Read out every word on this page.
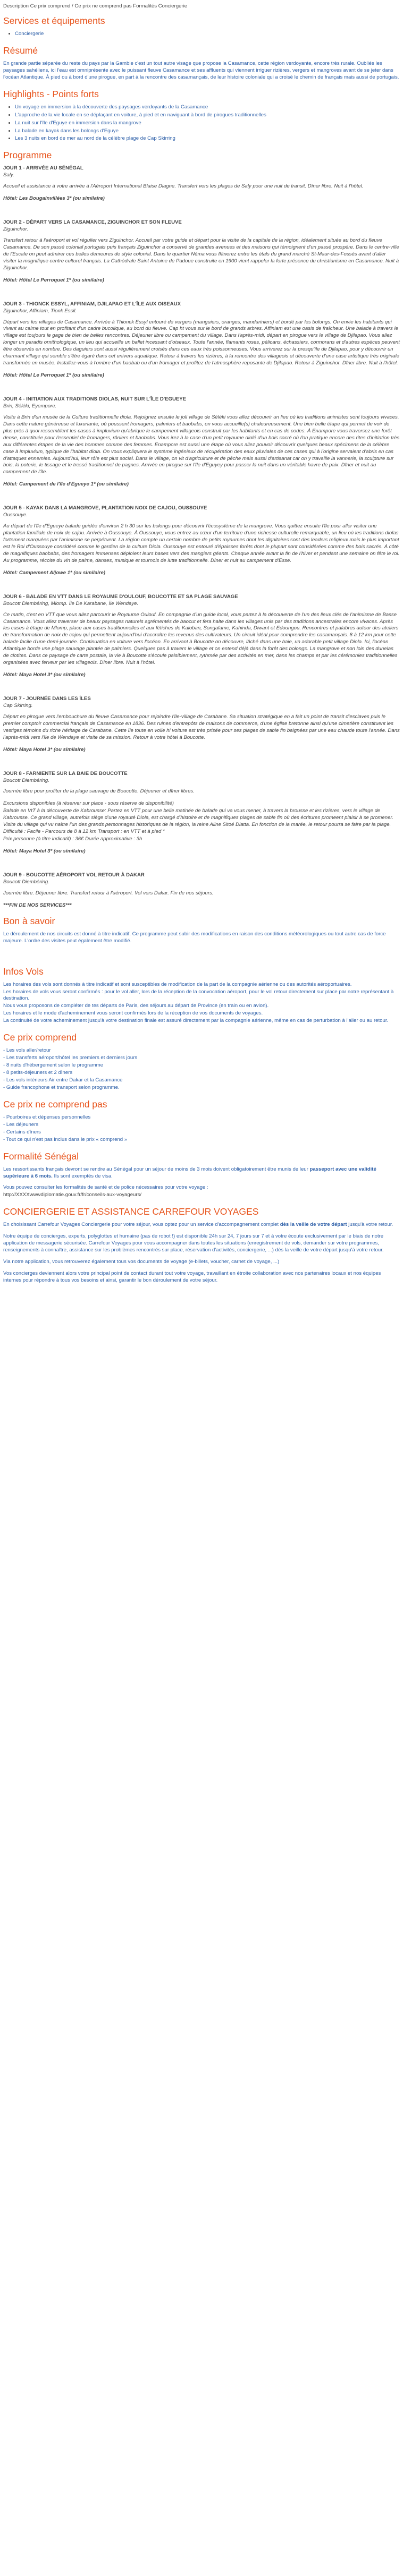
Description Ce prix comprend / Ce prix ne comprend pas Formalités Conciergerie

Services et équipements
• Conciergerie
Résumé

En grande partie séparée du reste du pays par la Gambie c'est un tout autre visage que propose la Casamance, cette région verdoyante, encore très rurale. Oubliés les paysages sahéliens, ici l'eau est omniprésente avec le puissant fleuve Casamance et ses affluents qui viennent irriguer rizières, vergers et mangroves avant de se jeter dans l'océan Atlantique. À pied ou à bord d'une pirogue, en part à la rencontre des casamançais, de leur histoire coloniale qui a croisé le chemin de français mais aussi de portugais.

Highlights - Points forts
• Un voyage en immersion à la découverte des paysages verdoyants de la Casamance
• L'approche de la vie locale en se déplaçant en voiture, à pied et en naviguant à bord de pirogues traditionnelles
• La nuit sur l'île d'Eguye en immersion dans la mangrove
• La balade en kayak dans les bolongs d'Eguye
• Les 3 nuits en bord de mer au nord de la célèbre plage de Cap Skirring
Programme

JOUR 1 - ARRIVÉE AU SÉNÉGAL

Saly.

Accueil et assistance à votre arrivée à l'Aéroport International Blaise Diagne. Transfert vers les plages de Saly pour une nuit de transit. Dîner libre. Nuit à l'hôtel.

Hôtel: Les Bougainvillées 3* (ou similaire)

JOUR 2 - DÉPART VERS LA CASAMANCE, ZIGUINCHOR ET SON FLEUVE

Ziguinchor.

Transfert retour à l'aéroport et vol régulier vers Ziguinchor. Accueil par votre guide et départ pour la visite de la capitale de la région, idéalement située au bord du fleuve Casamance. De son passé colonial portugais puis français Ziguinchor a conservé de grandes avenues et des maisons qui témoignent d'un passé prospère. Dans le centre-ville de l'Escale on peut admirer ces belles demeures de style colonial. Dans le quartier Néma vous flânerez entre les étals du grand marché St-Maur-des-Fossés avant d'aller visiter la magnifique centre culturel français. La Cathédrale Saint Antoine de Padoue construite en 1900 vient rappeler la forte présence du christianisme en Casamance. Nuit à Ziguinchor.

Hôtel: Hôtel Le Perroquet 1* (ou similaire)

JOUR 3 - THIONCK ESSYL, AFFINIAM, DJILAPAO ET L'ÎLE AUX OISEAUX

Ziguinchor, Affiniam, Tionk Essil.

Départ vers les villages de Casamance. Arrivée à Thionck Essyl entouré de vergers (manguiers, oranges, mandariniers) et bordé par les bolongs. On envie les habitants qui vivent au calme tout en profitant d'un cadre bucolique, au bord du fleuve. Cap ht vous sur le bord de grands arbres. Affiniam est une oasis de fraîcheur. Une balade à travers le village est toujours le gage de bien de belles rencontres. Déjeuner libre ou campement du village. Dans l'après-midi, départ en pirogue vers le village de Djilapao. Vous allez longer un paradis ornithologique, un lieu qui accueille un ballet incessant d'oiseaux. Toute l'année, flamants roses, pélicans, échassiers, cormorans et d'autres espèces peuvent être observés en nombre. Des daguiers sont aussi régulièrement croisés dans ces eaux très poissonneuses. Vous arriverez sur la presqu'île de Djilapao, pour y découvrir un charmant village qui semble s'être égaré dans cet univers aquatique. Retour à travers les rizières, à la rencontre des villageois et découverte d'une case artistique très originale transformée en musée. Installez-vous à l'ombre d'un baobab ou d'un fromager et profitez de l'atmosphère reposante de Djilapao. Retour à Ziguinchor. Dîner libre. Nuit à l'hôtel.

Hôtel: Hôtel Le Perroquet 1* (ou similaire)

JOUR 4 - INITIATION AUX TRADITIONS DIOLAS, NUIT SUR L'ÎLE D'EGUEYE

Brin, Séléki, Eyempore.

Visite à Brin d'un musée de la Culture traditionnelle diola. Rejoignez ensuite le joli village de Séléki vous allez découvrir un lieu où les traditions animistes sont toujours vivaces. Dans cette nature généreuse et luxuriante, où poussent fromagers, palmiers et baobabs, on vous accueille(s) chaleureusement. Une bien belle étape qui permet de voir de plus près à quoi ressemblent les cases à impluvium qu'abrique le campement villageois construit par les habitants et en cas de codes. À Enampore vous traversez une forêt dense, constituée pour l'essentiel de fromagers, rôniers et baobabs. Vous irez à la case d'un petit royaume diolé d'un bois sacré où l'on pratique encore des rites d'initiation très aux différentes étapes de la vie des hommes comme des femmes. Enampore est aussi une étape où vous allez pouvoir découvrir quelques beaux spécimens de la célèbre case à impluvium, typique de l'habitat diola. On vous expliquera le système ingénieux de récupération des eaux pluviales de ces cases qui à l'origine servaient d'abris en cas d'attaques ennemies. Aujourd'hui, leur rôle est plus social. Dans le village, on vit d'agriculture et de pêche mais aussi d'artisanat car on y travaille la vannerie, la sculpture sur bois, la poterie, le tissage et le tressé traditionnel de pagnes. Arrivée en pirogue sur l'île d'Eguyey pour passer la nuit dans un véritable havre de paix. Dîner et nuit au campement de l'île.

Hôtel: Campement de l'île d'Egueye 1* (ou similaire)

JOUR 5 - KAYAK DANS LA MANGROVE, PLANTATION NOIX DE CAJOU, OUSSOUYE

Oussouye.

Au départ de l'île d'Egueye balade guidée d'environ 2 h 30 sur les bolongs pour découvrir l'écosystème de la mangrove. Vous quittez ensuite l'île pour aller visiter une plantation familiale de noix de cajou. Arrivée à Oussouye. À Oussouye, vous entrez au cœur d'un territoire d'une richesse culturelle remarquable, un lieu où les traditions diolas fortement marquées par l'animisme se perpétuent. La région compte un certain nombre de petits royaumes dont les dignitaires sont des leaders religieux mais le plus important est le Roi d'Oussouye considéré comme le gardien de la culture Diola. Oussouye est entouré d'épaisses forêts dont le plupart sont considérées comme des bois sacrés. À côté de magnifiques baobabs, des fromagers immenses déploient leurs bases vers des mangiers géants. Chaque année avant la fin de l'hiver et pendant une semaine on fête le roi. Au programme, récolte du vin de palme, danses, musique et tournois de lutte traditionnelle. Dîner et nuit au campement d'Esse.

Hôtel: Campement Aljowe 1* (ou similaire)

JOUR 6 - BALADE EN VTT DANS LE ROYAUME D'OULOUF, BOUCOTTE ET SA PLAGE SAUVAGE

Boucott Diembéring, Mlomp. Île De Karabane, Île Wendaye.

Ce matin, c'est en VTT que vous allez parcourir le Royaume Oulouf. En compagnie d'un guide local, vous partez à la découverte de l'un des lieux clés de l'animisme de Basse Casamance. Vous allez traverser de beaux paysages naturels agrémentés de baocut et fera halte dans les villages unis par des traditions ancestrales encore vivaces. Après les cases à étage de Mlomp, place aux cases traditionnelles et aux fétiches de Kaloban, Songalame, Kahinda, Diwant et Edoungou. Rencontres et palabres autour des ateliers de transformation de noix de cajou qui permettent aujourd'hui d'accroître les revenus des cultivateurs. Un circuit idéal pour comprendre les casamançais. 8 à 12 km pour cette balade facile d'une demi-journée. Continuation en voiture vers l'océan. En arrivant à Boucotte on découvre, lâché dans une baie, un adorable petit village Diola. Ici, l'océan Atlantique borde une plage sauvage plantée de palmiers. Quelques pas à travers le village et on entend déjà dans la forêt des bolongs. La mangrove et non loin des dunelas de clotites. Dans ce paysage de carte postale, la vie à Boucotte s'écoule paisiblement, rythmée par des activités en mer, dans les champs et par les cérémonies traditionnelles organisées avec ferveur par les villageois. Dîner libre. Nuit à l'hôtel.

Hôtel: Maya Hotel 3* (ou similaire)

JOUR 7 - JOURNÉE DANS LES ÎLES

Cap Skirring.

Départ en pirogue vers l'embouchure du fleuve Casamance pour rejoindre l'île-village de Carabane. Sa situation stratégique en a fait un point de transit d'esclaves puis le premier comptoir commercial français de Casamance en 1836. Des ruines d'entrepôts de maisons de commerce, d'une église bretonne ainsi qu'une cimetière constituent les vestiges témoins du riche héritage de Carabane. Cette île toute en voile hi voiture est très prisée pour ses plages de sable fin baignées par une eau chaude toute l'année. Dans l'après-midi vers l'île de Wendaye et visite de sa mission. Retour à votre hôtel à Boucotte.

Hôtel: Maya Hotel 3* (ou similaire)

JOUR 8 - FARNIENTE SUR LA BAIE DE BOUCOTTE

Boucott Diembéring.

Journée libre pour profiter de la plage sauvage de Boucotte. Déjeuner et dîner libres.

Excursions disponibles (à réserver sur place - sous réserve de disponibilité)

Balade en VtT à la découverte de Kabrousse: Partez en VTT pour une belle matinée de balade qui va vous mener, à travers la brousse et les rizières, vers le village de Kabrousse. Ce grand village, autrefois siège d'une royauté Diola, est chargé d'histoire et de magnifiques plages de sable fin où des écritures promeent plaisir à se promener. Visite du village qui vu naître l'un des grands personnages historiques de la région, la reine Aline Sitoé Diatta. En fonction de la marée, le retour pourra se faire par la plage. Difficulté : Facile - Parcours de 8 à 12 km Transport : en VTT et à pied *

Prix personne (à titre indicatif) : 36€ Durée approximative : 3h

Hôtel: Maya Hotel 3* (ou similaire)

JOUR 9 - BOUCOTTE AÉROPORT VOL RETOUR À DAKAR

Boucott Diembéring.

Journée libre. Déjeuner libre. Transfert retour à l'aéroport. Vol vers Dakar. Fin de nos séjours.

***FIN DE NOS SERVICES***

Bon à savoir

Le déroulement de nos circuits est donné à titre indicatif. Ce programme peut subir des modifications en raison des conditions météorologiques ou tout autre cas de force majeure. L'ordre des visites peut également être modifié.

Infos Vols

Les horaires des vols sont donnés à titre indicatif et sont susceptibles de modification de la part de la compagnie aérienne ou des autorités aéroportuaires.

Les horaires de vols vous seront confirmés : pour le vol aller, lors de la réception de la convocation aéroport, pour le vol retour directement sur place par notre représentant à destination.

Nous vous proposons de compléter de tes départs de Paris, des séjours au départ de Province (en train ou en avion).

Les horaires et le mode d'acheminement vous seront confirmés lors de la réception de vos documents de voyages.

La continuité de votre acheminement jusqu'à votre destination finale est assuré directement par la compagnie aérienne, même en cas de perturbation à l'aller ou au retour.

Ce prix comprend

- Les vols aller/retour

- Les transferts aéroport/hôtel les premiers et derniers jours

- 8 nuits d'hébergement selon le programme

- 8 petits-déjeuners et 2 dîners

- Les vols intérieurs Air entre Dakar et la Casamance

- Guide francophone et transport selon programme.

Ce prix ne comprend pas

- Pourboires et dépenses personnelles

- Les déjeuners

- Certains dîners

- Tout ce qui n'est pas inclus dans le prix « comprend »

Formalité Sénégal

Les ressortissants français devront se rendre au Sénégal pour un séjour de moins de 3 mois doivent obligatoirement être munis de leur passeport avec une validité supérieure à 6 mois. Ils sont exemptés de visa.

Vous pouvez consulter les formalités de santé et de police nécessaires pour votre voyage :

http://XXXXwwwdiplomatie.gouv.fr/fr/conseils-aux-voyageurs/

CONCIERGERIE ET ASSISTANCE CARREFOUR VOYAGES

En choisissant Carrefour Voyages Conciergerie pour votre séjour, vous optez pour un service d'accompagnement complet dès la veille de votre départ jusqu'à votre retour.

Notre équipe de concierges, experts, polyglottes et humaine (pas de robot !) est disponible 24h sur 24, 7 jours sur 7 et à votre écoute exclusivement par le biais de notre application de messagerie sécurisée. Carrefour Voyages pour vous accompagner dans toutes les situations (enregistrement de vols, demander sur votre programmes, renseignements à connaître, assistance sur les problèmes rencontrés sur place, réservation d'activités, conciergerie, ...) dès la veille de votre départ jusqu'à votre retour.

Via notre application, vous retrouverez également tous vos documents de voyage (e-billets, voucher, carnet de voyage, ...)

Vos concierges deviennent alors votre principal point de contact durant tout votre voyage, travaillant en étroite collaboration avec nos partenaires locaux et nos équipes internes pour répondre à tous vos besoins et ainsi, garantir le bon déroulement de votre séjour.
